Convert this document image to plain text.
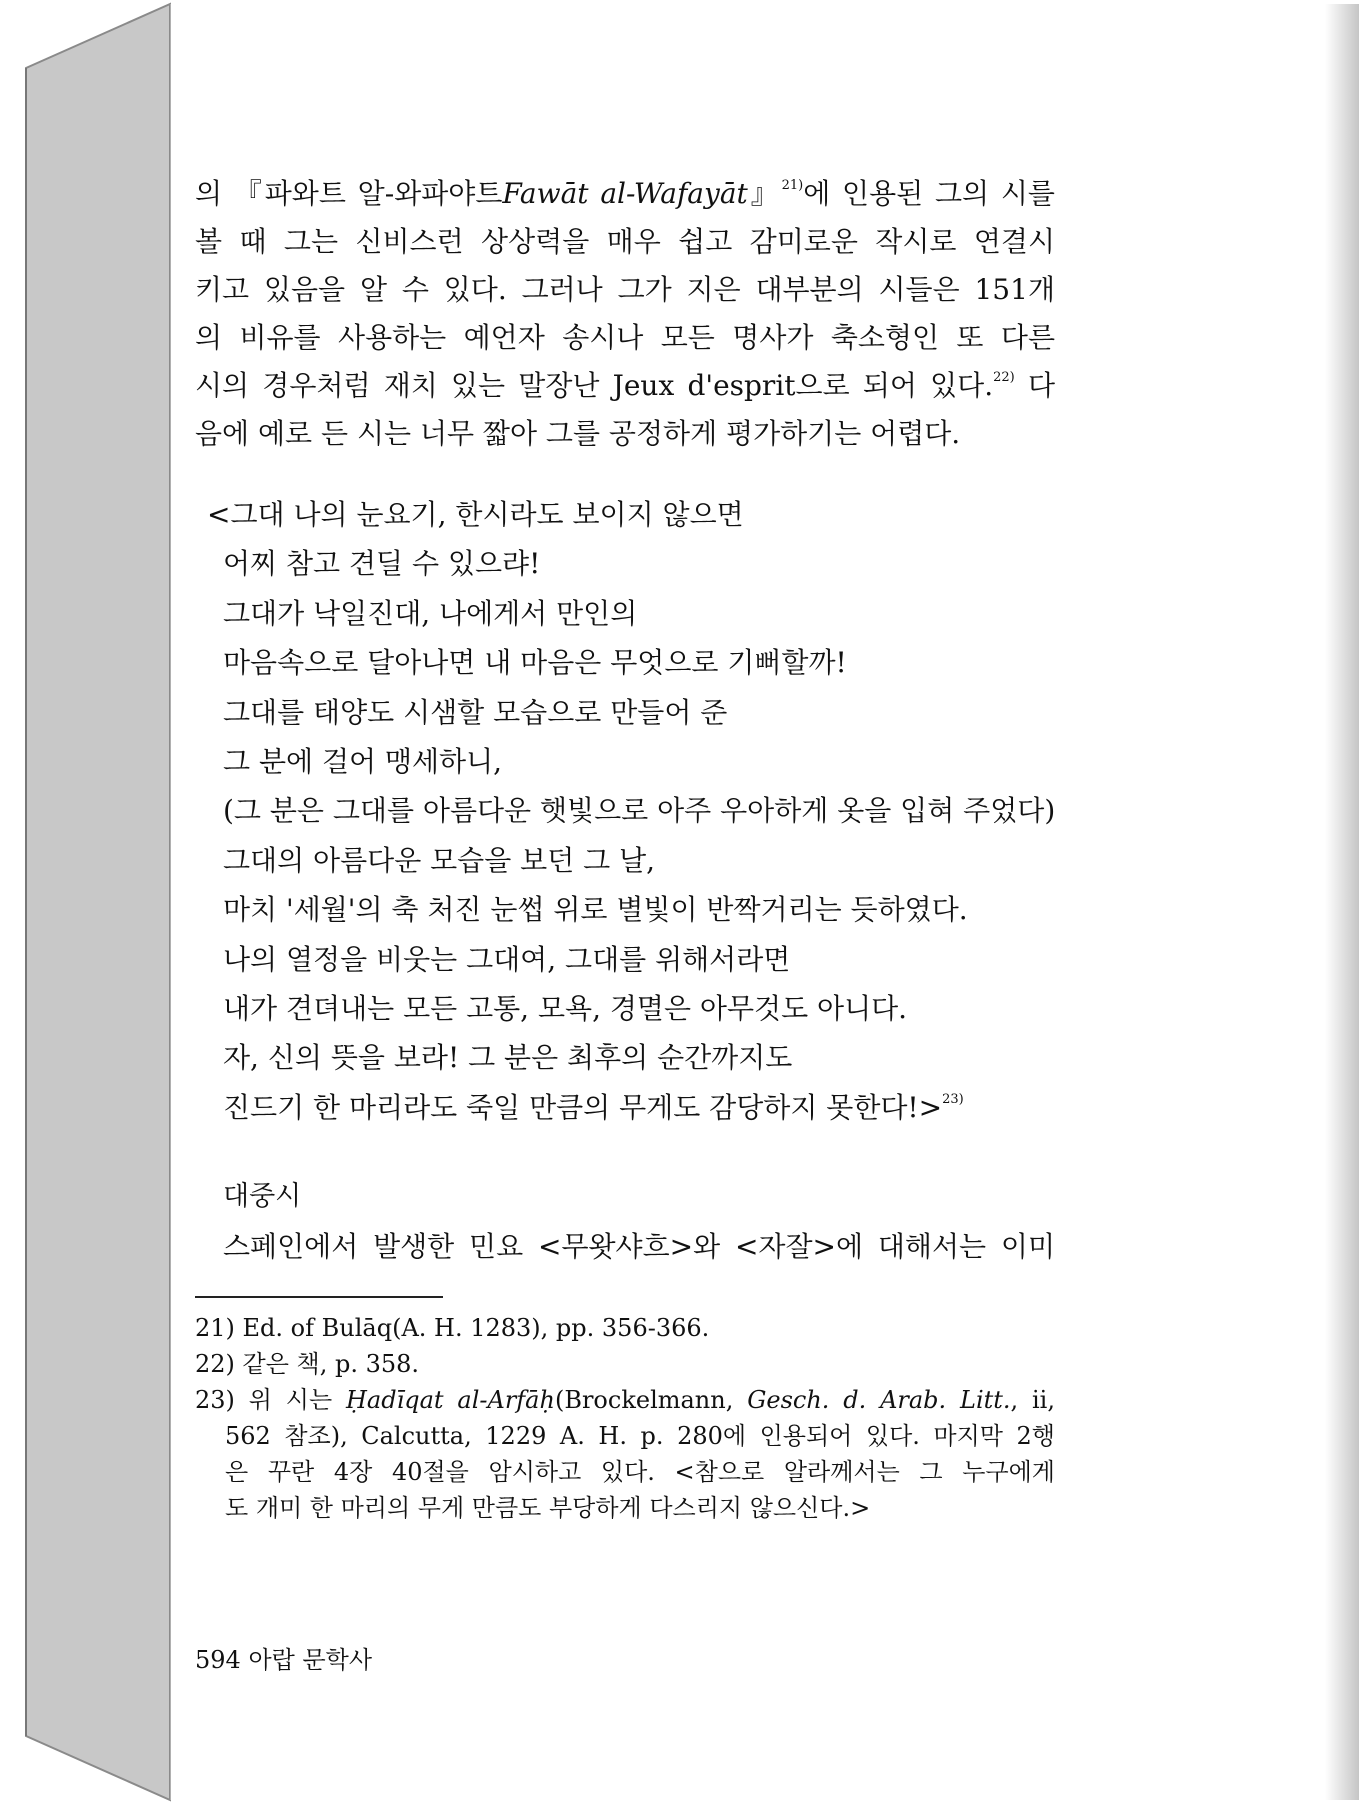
의 『파와트 알-와파야트Fawāt al-Wafayāt』$^{21)}$에 인용된 그의 시를

볼 때 그는 신비스런 상상력을 매우 쉽고 감미로운 작시로 연결시

키고 있음을 알 수 있다. 그러나 그가 지은 대부분의 시들은 151개

의 비유를 사용하는 예언자 송시나 모든 명사가 축소형인 또 다른

시의 경우처럼 재치 있는 말장난 Jeux d'esprit으로 되어 있다.$^{22)}$ 다

음에 예로 든 시는 너무 짧아 그를 공정하게 평가하기는 어렵다.

<그대 나의 눈요기, 한시라도 보이지 않으면

어찌 참고 견딜 수 있으랴!

그대가 낙일진대, 나에게서 만인의

마음속으로 달아나면 내 마음은 무엇으로 기뻐할까!

그대를 태양도 시샘할 모습으로 만들어 준

그 분에 걸어 맹세하니,

(그 분은 그대를 아름다운 햇빛으로 아주 우아하게 옷을 입혀 주었다)

그대의 아름다운 모습을 보던 그 날,

마치 '세월'의 축 처진 눈썹 위로 별빛이 반짝거리는 듯하였다.

나의 열정을 비웃는 그대여, 그대를 위해서라면

내가 견뎌내는 모든 고통, 모욕, 경멸은 아무것도 아니다.

자, 신의 뜻을 보라! 그 분은 최후의 순간까지도

진드기 한 마리라도 죽일 만큼의 무게도 감당하지 못한다!>$^{23)}$

대중시

스페인에서 발생한 민요 <무왓샤흐>와 <자잘>에 대해서는 이미

21) Ed. of Bulāq(A. H. 1283), pp. 356-366.

22) 같은 책, p. 358.

23) 위 시는 Ḥadīqat al-Arfāḥ(Brockelmann, Gesch. d. Arab. Litt., ii,

562 참조), Calcutta, 1229 A. H. p. 280에 인용되어 있다. 마지막 2행

은 꾸란 4장 40절을 암시하고 있다. <참으로 알라께서는 그 누구에게

도 개미 한 마리의 무게 만큼도 부당하게 다스리지 않으신다.>

594 아랍 문학사
